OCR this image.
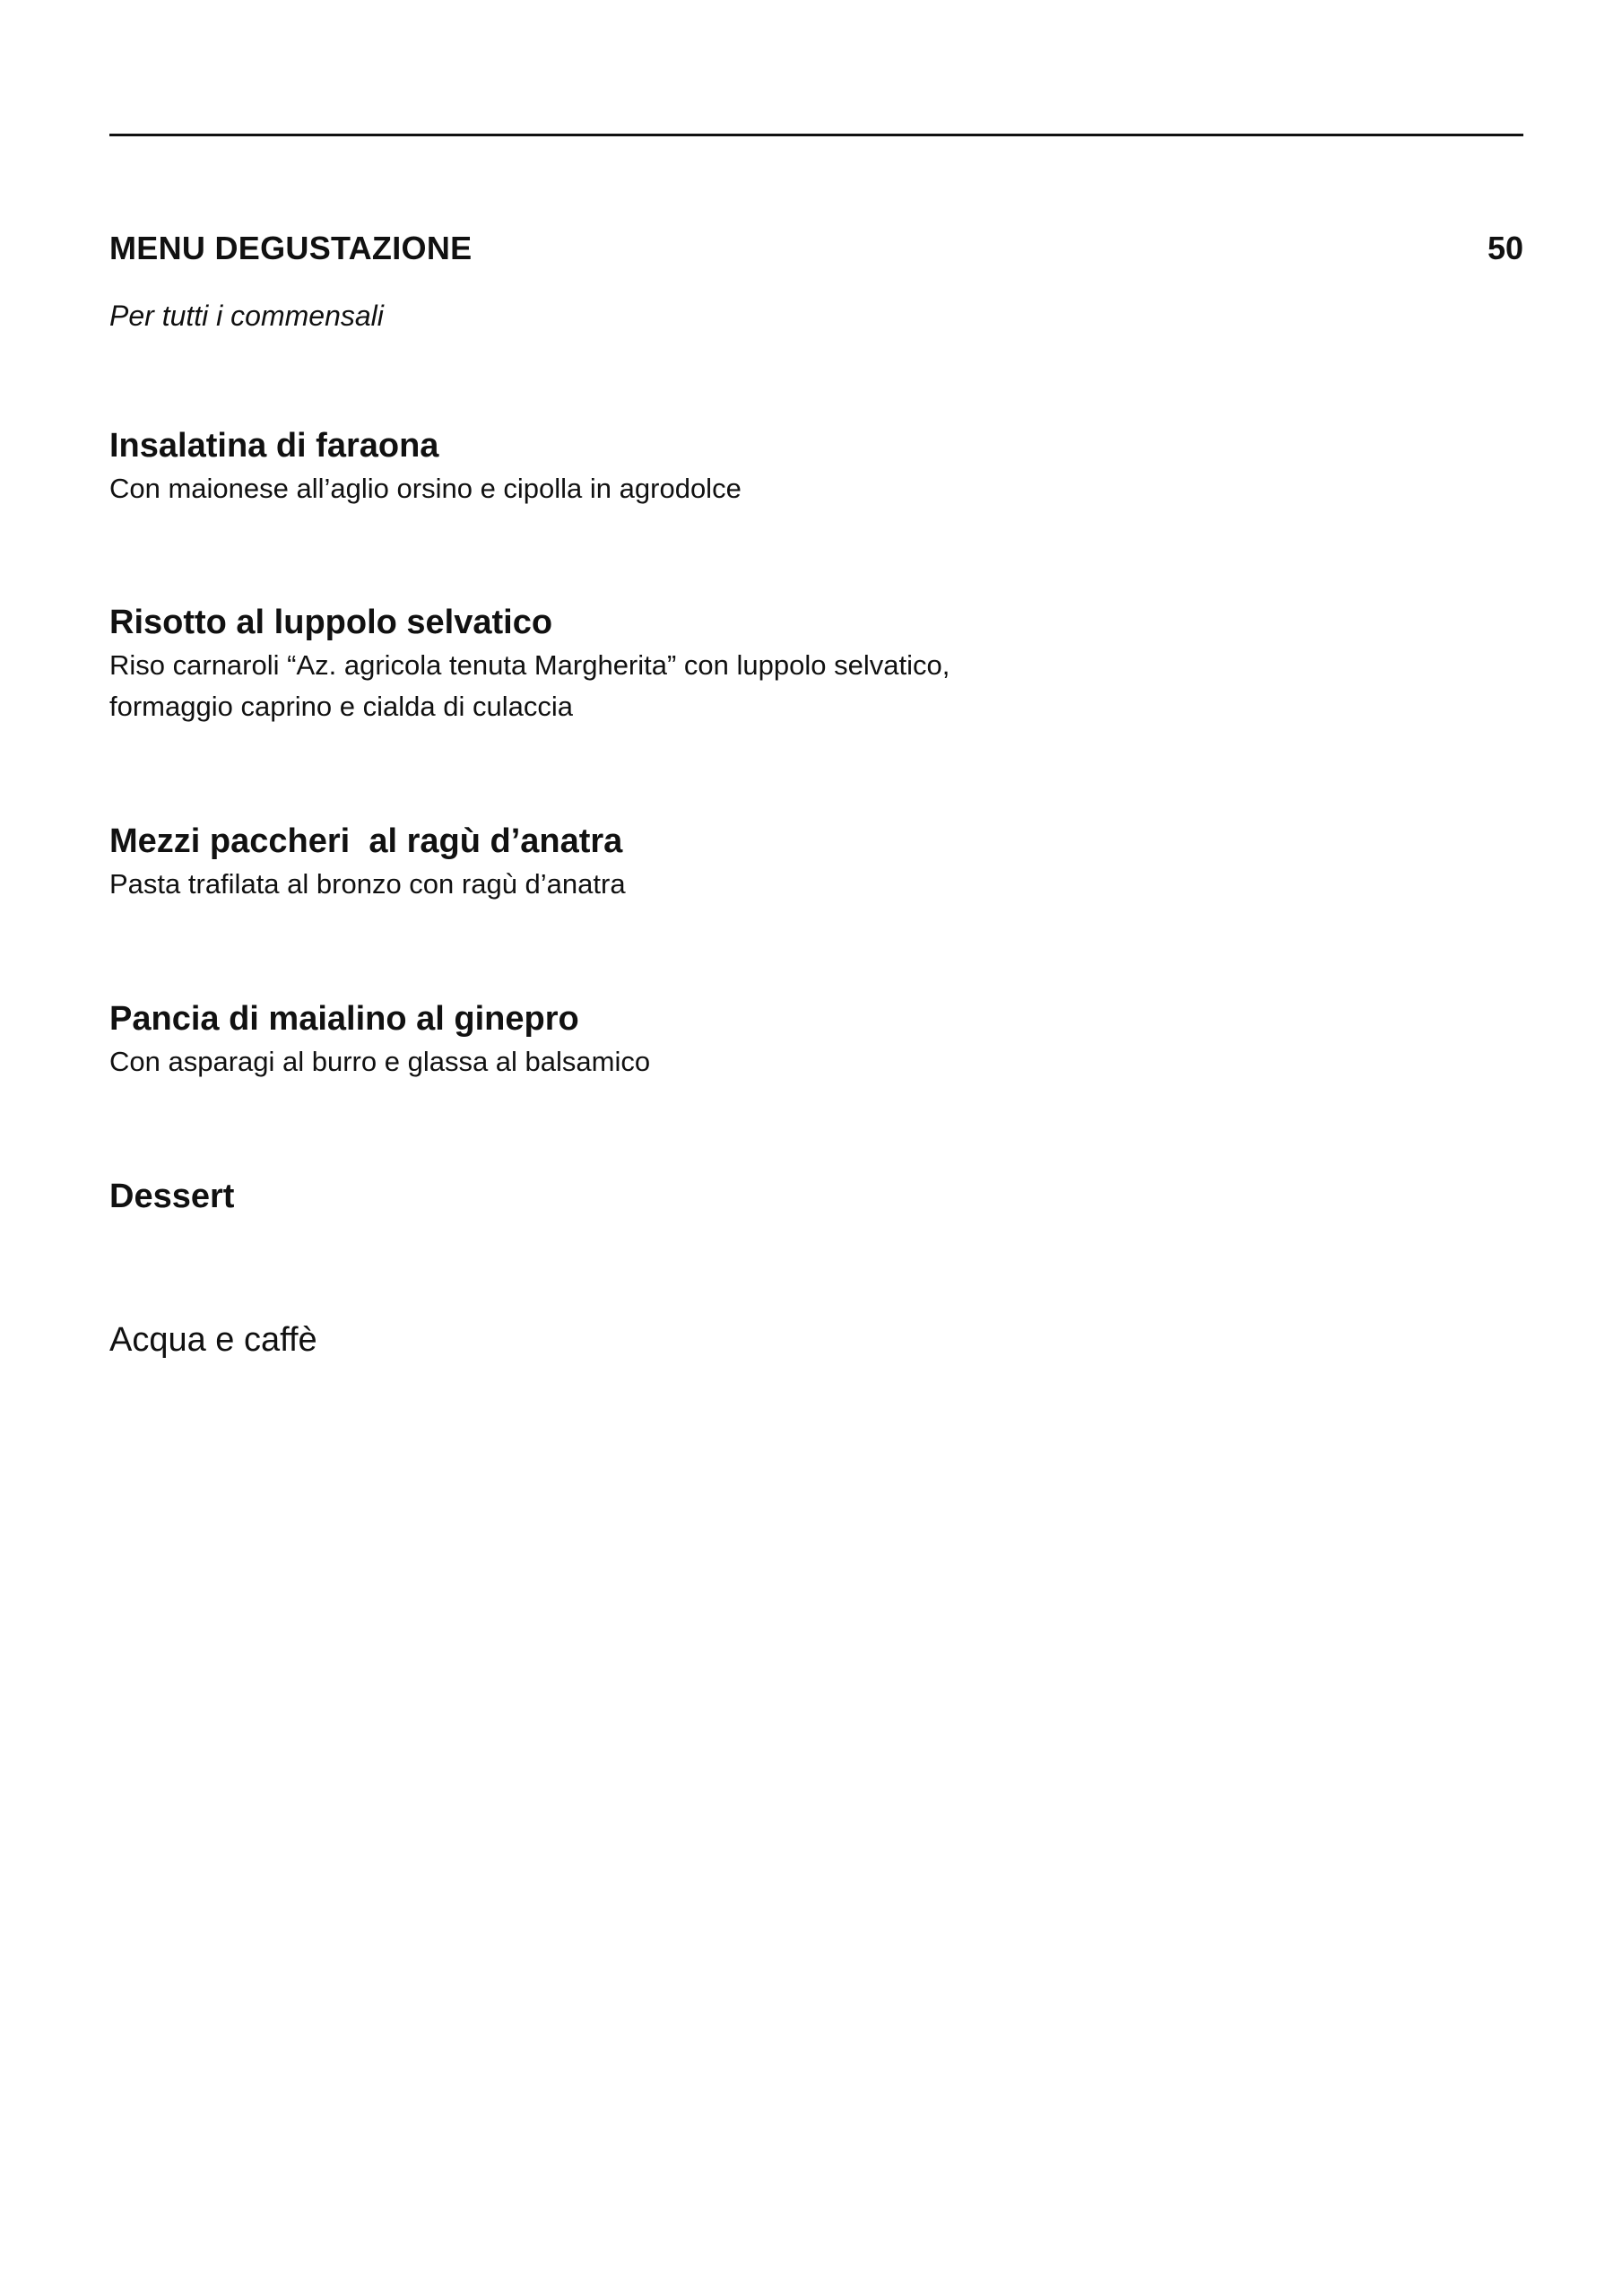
MENU DEGUSTAZIONE	50
Per tutti i commensali
Insalatina di faraona
Con maionese all’aglio orsino e cipolla in agrodolce
Risotto al luppolo selvatico
Riso carnaroli “Az. agricola tenuta Margherita” con luppolo selvatico,
formaggio caprino e cialda di culaccia
Mezzi paccheri  al ragù d’anatra
Pasta trafilata al bronzo con ragù d’anatra
Pancia di maialino al ginepro
Con asparagi al burro e glassa al balsamico
Dessert
Acqua e caffè
